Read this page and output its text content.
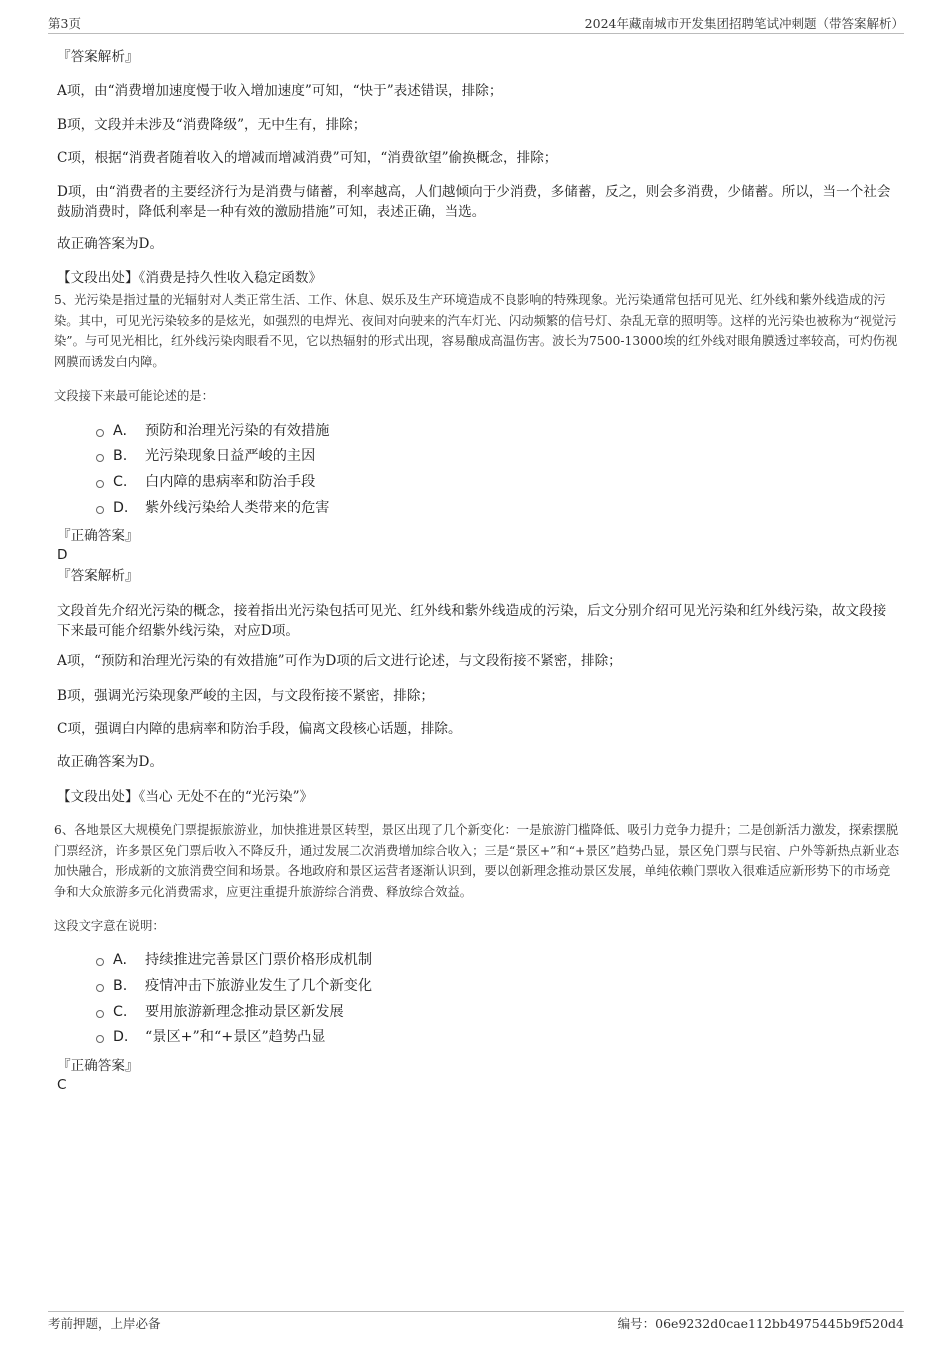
第3页	2024年藏南城市开发集团招聘笔试冲刺题（带答案解析）
『答案解析』
A项，由“消费增加速度慢于收入增加速度”可知，“快于”表述错误，排除；
B项，文段并未涉及“消费降级”，无中生有，排除；
C项，根据“消费者随着收入的增减而增减消费”可知，“消费欲望”偷换概念，排除；
D项，由“消费者的主要经济行为是消费与储蓄，利率越高，人们越倾向于少消费，多储蓄，反之，则会多消费，少储蓄。所以，当一个社会鼓励消费时，降低利率是一种有效的激励措施”可知，表述正确，当选。
故正确答案为D。
【文段出处】《消费是持久性收入稳定函数》
5、光污染是指过量的光辐射对人类正常生活、工作、休息、娱乐及生产环境造成不良影响的特殊现象。光污染通常包括可见光、红外线和紫外线造成的污染。其中，可见光污染较多的是炫光，如强烈的电焊光、夜间对向驶来的汽车灯光、闪动频繁的信号灯、杂乱无章的照明等。这样的光污染也被称为“视觉污染”。与可见光相比，红外线污染肉眼看不见，它以热辐射的形式出现，容易酿成高温伤害。波长为7500-13000埃的红外线对眼角膜透过率较高，可灼伤视网膜而诱发白内障。
文段接下来最可能论述的是：
A. 预防和治理光污染的有效措施
B. 光污染现象日益严峻的主因
C. 白内障的患病率和防治手段
D. 紫外线污染给人类带来的危害
『正确答案』
D
『答案解析』
文段首先介绍光污染的概念，接着指出光污染包括可见光、红外线和紫外线造成的污染，后文分别介绍可见光污染和红外线污染，故文段接下来最可能介绍紫外线污染，对应D项。
A项，“预防和治理光污染的有效措施”可作为D项的后文进行论述，与文段衔接不紧密，排除；
B项，强调光污染现象严峻的主因，与文段衔接不紧密，排除；
C项，强调白内障的患病率和防治手段，偏离文段核心话题，排除。
故正确答案为D。
【文段出处】《当心 无处不在的“光污染”》
6、各地景区大规模免门票提振旅游业，加快推进景区转型，景区出现了几个新变化：一是旅游门槛降低、吸引力竞争力提升；二是创新活力激发，探索摆脱门票经济，许多景区免门票后收入不降反升，通过发展二次消费增加综合收入；三是“景区+”和“+景区”趋势凸显，景区免门票与民宿、户外等新热点新业态加快融合，形成新的文旅消费空间和场景。各地政府和景区运营者逐渐认识到，要以创新理念推动景区发展，单纯依赖门票收入很难适应新形势下的市场竞争和大众旅游多元化消费需求，应更注重提升旅游综合消费、释放综合效益。
这段文字意在说明：
A. 持续推进完善景区门票价格形成机制
B. 疫情冲击下旅游业发生了几个新变化
C. 要用旅游新理念推动景区新发展
D. “景区+”和“+景区”趋势凸显
『正确答案』
C
考前押题，上岸必备	编号：06e9232d0cae112bb4975445b9f520d4
